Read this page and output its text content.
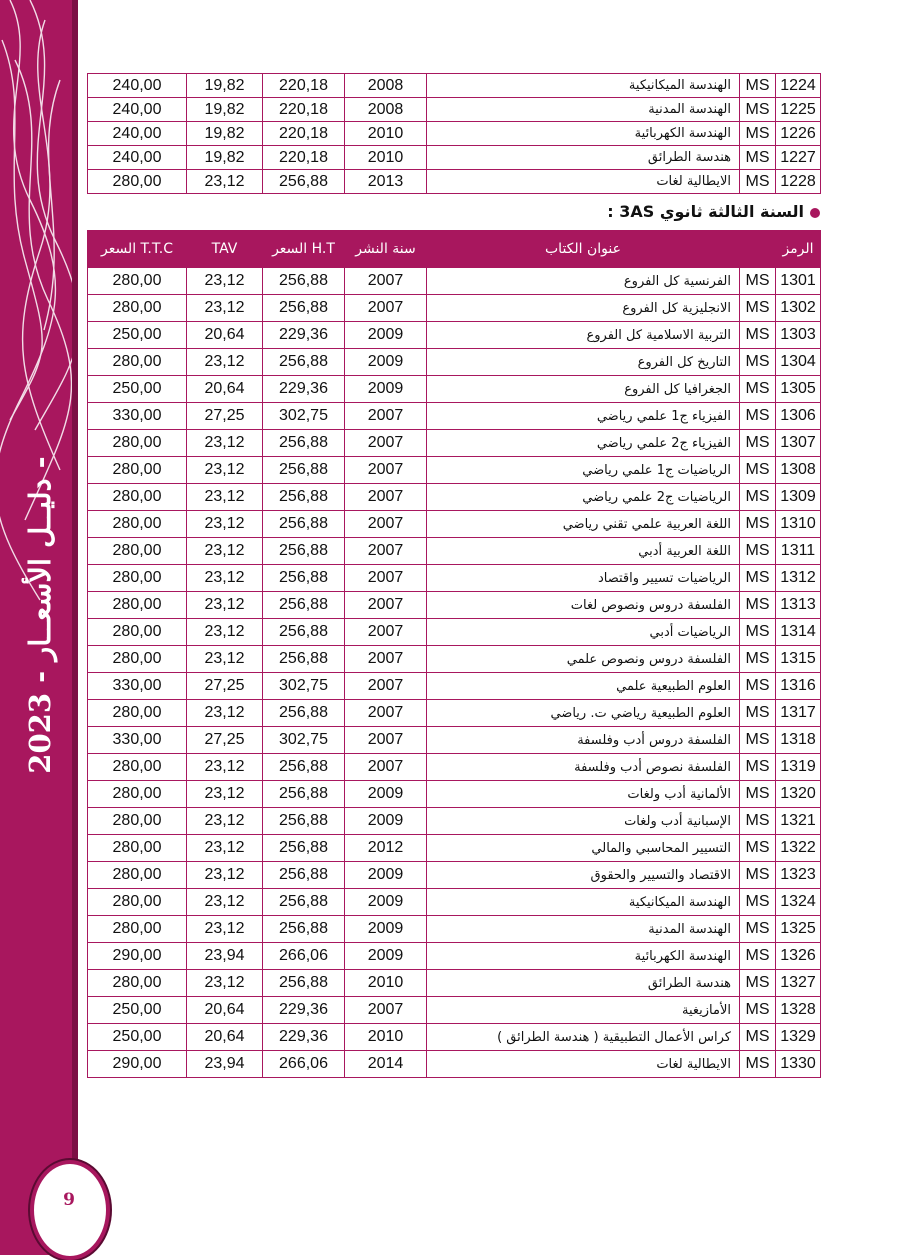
دليــل الأسعــار - 2023 -
9
240,00	19,82	220,18	2008	الهندسة الميكانيكية	MS	1224
240,00	19,82	220,18	2008	الهندسة المدنية	MS	1225
240,00	19,82	220,18	2010	الهندسة الكهربائية	MS	1226
240,00	19,82	220,18	2010	هندسة الطرائق	MS	1227
280,00	23,12	256,88	2013	الايطالية لغات	MS	1228
السنة الثالثة ثانوي 3AS :
السعر T.T.C	TAV	السعر H.T	سنة النشر	عنوان الكتاب		الرمز
280,00	23,12	256,88	2007	الفرنسية كل الفروع	MS	1301
280,00	23,12	256,88	2007	الانجليزية كل الفروع	MS	1302
250,00	20,64	229,36	2009	التربية الاسلامية كل الفروع	MS	1303
280,00	23,12	256,88	2009	التاريخ كل الفروع	MS	1304
250,00	20,64	229,36	2009	الجغرافيا كل الفروع	MS	1305
330,00	27,25	302,75	2007	الفيزياء ج1 علمي رياضي	MS	1306
280,00	23,12	256,88	2007	الفيزياء ج2 علمي رياضي	MS	1307
280,00	23,12	256,88	2007	الرياضيات ج1 علمي رياضي	MS	1308
280,00	23,12	256,88	2007	الرياضيات ج2 علمي رياضي	MS	1309
280,00	23,12	256,88	2007	اللغة العربية علمي تقني رياضي	MS	1310
280,00	23,12	256,88	2007	اللغة العربية أدبي	MS	1311
280,00	23,12	256,88	2007	الرياضيات تسيير واقتصاد	MS	1312
280,00	23,12	256,88	2007	الفلسفة دروس ونصوص لغات	MS	1313
280,00	23,12	256,88	2007	الرياضيات أدبي	MS	1314
280,00	23,12	256,88	2007	الفلسفة دروس ونصوص علمي	MS	1315
330,00	27,25	302,75	2007	العلوم الطبيعية علمي	MS	1316
280,00	23,12	256,88	2007	العلوم الطبيعية رياضي ت. رياضي	MS	1317
330,00	27,25	302,75	2007	الفلسفة دروس أدب وفلسفة	MS	1318
280,00	23,12	256,88	2007	الفلسفة نصوص أدب وفلسفة	MS	1319
280,00	23,12	256,88	2009	الألمانية أدب ولغات	MS	1320
280,00	23,12	256,88	2009	الإسبانية أدب ولغات	MS	1321
280,00	23,12	256,88	2012	التسيير المحاسبي والمالي	MS	1322
280,00	23,12	256,88	2009	الاقتصاد والتسيير والحقوق	MS	1323
280,00	23,12	256,88	2009	الهندسة الميكانيكية	MS	1324
280,00	23,12	256,88	2009	الهندسة المدنية	MS	1325
290,00	23,94	266,06	2009	الهندسة الكهربائية	MS	1326
280,00	23,12	256,88	2010	هندسة الطرائق	MS	1327
250,00	20,64	229,36	2007	الأمازيغية	MS	1328
250,00	20,64	229,36	2010	كراس الأعمال التطبيقية ( هندسة الطرائق )	MS	1329
290,00	23,94	266,06	2014	الايطالية لغات	MS	1330
